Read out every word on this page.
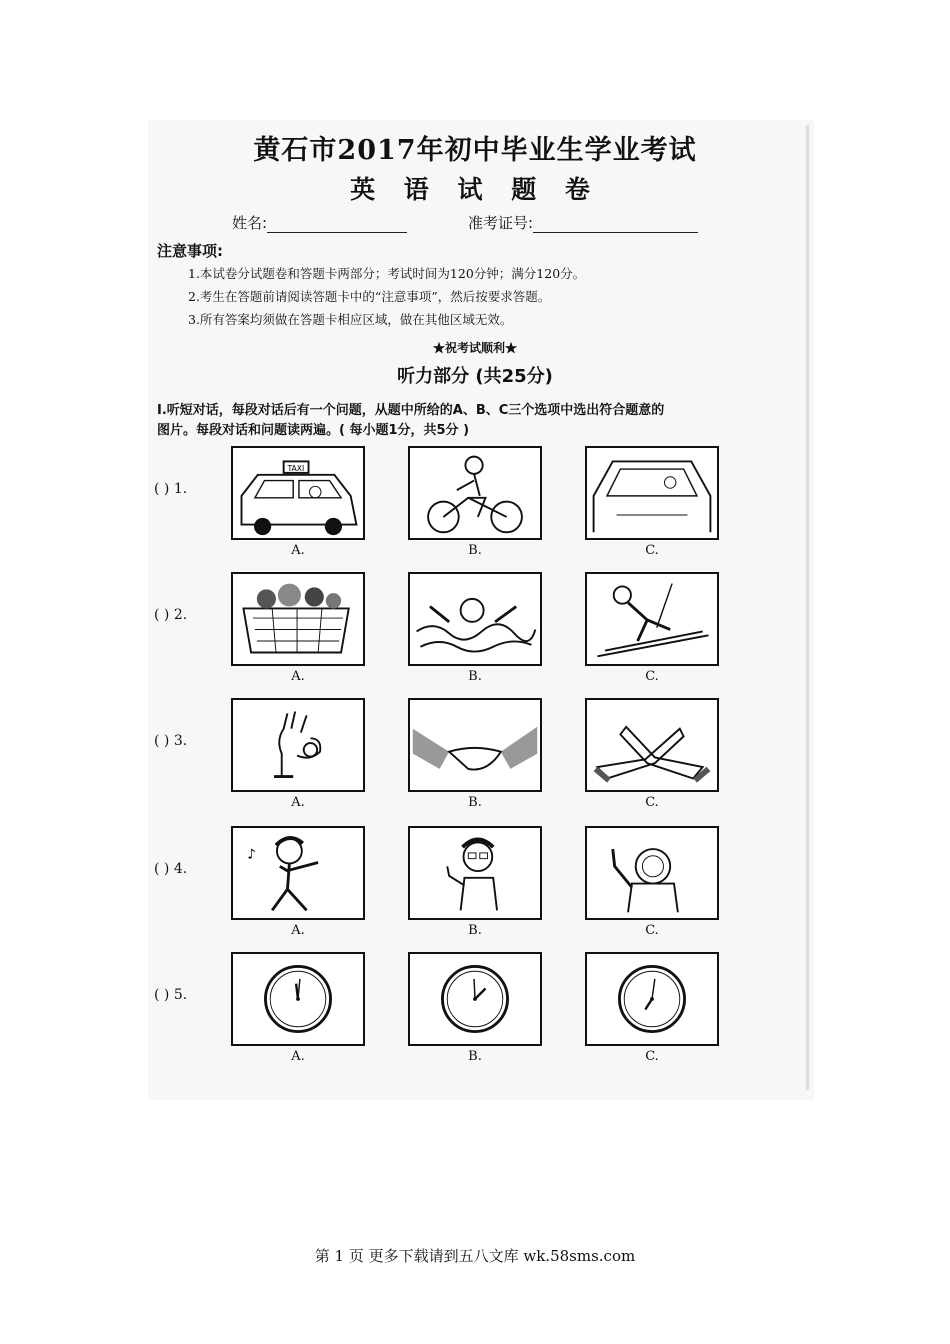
黄石市2017年初中毕业生学业考试
英 语 试 题 卷
姓名:	准考证号:
注意事项:
1.本试卷分试题卷和答题卡两部分；考试时间为120分钟；满分120分。
2.考生在答题前请阅读答题卡中的“注意事项”，然后按要求答题。
3.所有答案均须做在答题卡相应区域，做在其他区域无效。
★祝考试顺利★
听力部分 (共25分)
I.听短对话，每段对话后有一个问题，从题中所给的A、B、C三个选项中选出符合题意的
图片。每段对话和问题读两遍。( 每小题1分，共5分 )
( ) 1.
TAXI
A.	B.	C.
( ) 2.
A.	B.	C.
( ) 3.
A.	B.	C.
( ) 4.
♪
A.	B.	C.
( ) 5.
A.	B.	C.
第 1 页 更多下载请到五八文库 wk.58sms.com
